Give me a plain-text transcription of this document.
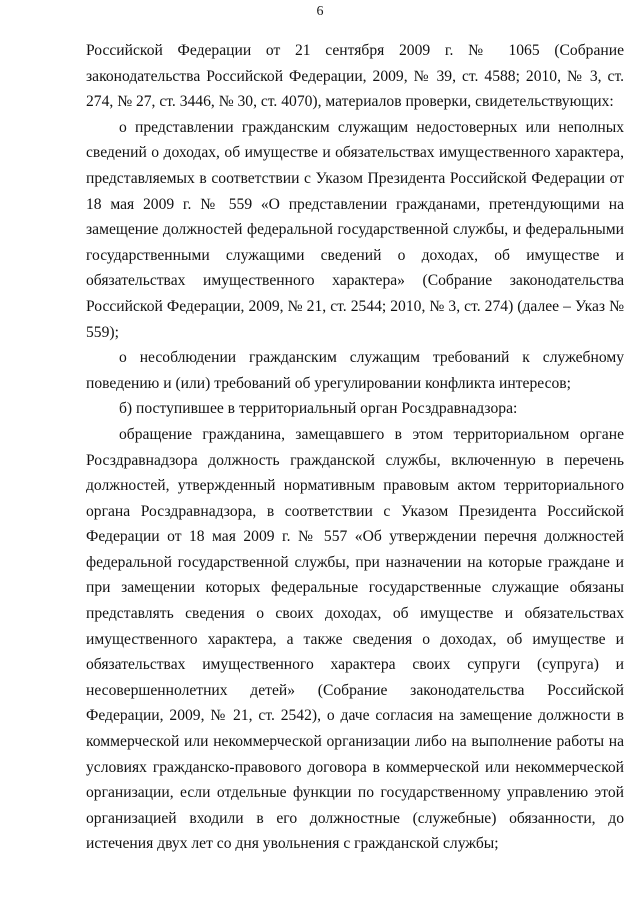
6

Российской Федерации от 21 сентября 2009 г. № 1065 (Собрание законодательства Российской Федерации, 2009, № 39, ст. 4588; 2010, № 3, ст. 274, № 27, ст. 3446, № 30, ст. 4070), материалов проверки, свидетельствующих:

о представлении гражданским служащим недостоверных или неполных сведений о доходах, об имуществе и обязательствах имущественного характера, представляемых в соответствии с Указом Президента Российской Федерации от 18 мая 2009 г. № 559 «О представлении гражданами, претендующими на замещение должностей федеральной государственной службы, и федеральными государственными служащими сведений о доходах, об имуществе и обязательствах имущественного характера» (Собрание законодательства Российской Федерации, 2009, № 21, ст. 2544; 2010, № 3, ст. 274) (далее – Указ № 559);

о несоблюдении гражданским служащим требований к служебному поведению и (или) требований об урегулировании конфликта интересов;

б) поступившее в территориальный орган Росздравнадзора:

обращение гражданина, замещавшего в этом территориальном органе Росздравнадзора должность гражданской службы, включенную в перечень должностей, утвержденный нормативным правовым актом территориального органа Росздравнадзора, в соответствии с Указом Президента Российской Федерации от 18 мая 2009 г. № 557 «Об утверждении перечня должностей федеральной государственной службы, при назначении на которые граждане и при замещении которых федеральные государственные служащие обязаны представлять сведения о своих доходах, об имуществе и обязательствах имущественного характера, а также сведения о доходах, об имуществе и обязательствах имущественного характера своих супруги (супруга) и несовершеннолетних детей» (Собрание законодательства Российской Федерации, 2009, № 21, ст. 2542), о даче согласия на замещение должности в коммерческой или некоммерческой организации либо на выполнение работы на условиях гражданско-правового договора в коммерческой или некоммерческой организации, если отдельные функции по государственному управлению этой организацией входили в его должностные (служебные) обязанности, до истечения двух лет со дня увольнения с гражданской службы;
